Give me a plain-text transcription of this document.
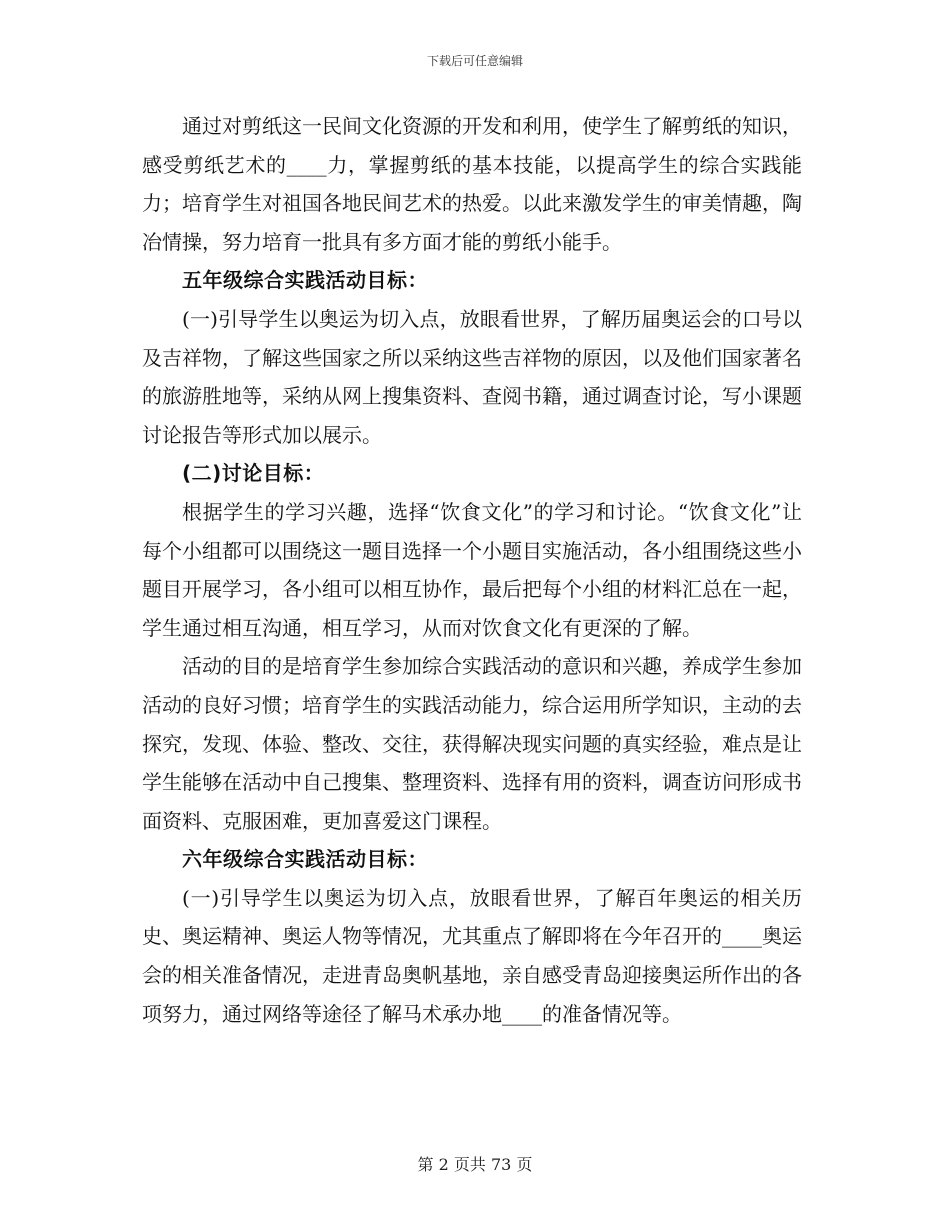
下载后可任意编辑

通过对剪纸这一民间文化资源的开发和利用，使学生了解剪纸的知识，感受剪纸艺术的____力，掌握剪纸的基本技能，以提高学生的综合实践能力；培育学生对祖国各地民间艺术的热爱。以此来激发学生的审美情趣，陶冶情操，努力培育一批具有多方面才能的剪纸小能手。

五年级综合实践活动目标：

(一)引导学生以奥运为切入点，放眼看世界，了解历届奥运会的口号以及吉祥物，了解这些国家之所以采纳这些吉祥物的原因，以及他们国家著名的旅游胜地等，采纳从网上搜集资料、查阅书籍，通过调查讨论，写小课题讨论报告等形式加以展示。

(二)讨论目标：

根据学生的学习兴趣，选择“饮食文化”的学习和讨论。“饮食文化”让每个小组都可以围绕这一题目选择一个小题目实施活动，各小组围绕这些小题目开展学习，各小组可以相互协作，最后把每个小组的材料汇总在一起，学生通过相互沟通，相互学习，从而对饮食文化有更深的了解。

活动的目的是培育学生参加综合实践活动的意识和兴趣，养成学生参加活动的良好习惯；培育学生的实践活动能力，综合运用所学知识，主动的去探究，发现、体验、整改、交往，获得解决现实问题的真实经验，难点是让学生能够在活动中自己搜集、整理资料、选择有用的资料，调查访问形成书面资料、克服困难，更加喜爱这门课程。

六年级综合实践活动目标：

(一)引导学生以奥运为切入点，放眼看世界，了解百年奥运的相关历史、奥运精神、奥运人物等情况，尤其重点了解即将在今年召开的____奥运会的相关准备情况，走进青岛奥帆基地，亲自感受青岛迎接奥运所作出的各项努力，通过网络等途径了解马术承办地____的准备情况等。

第 2 页共 73 页
